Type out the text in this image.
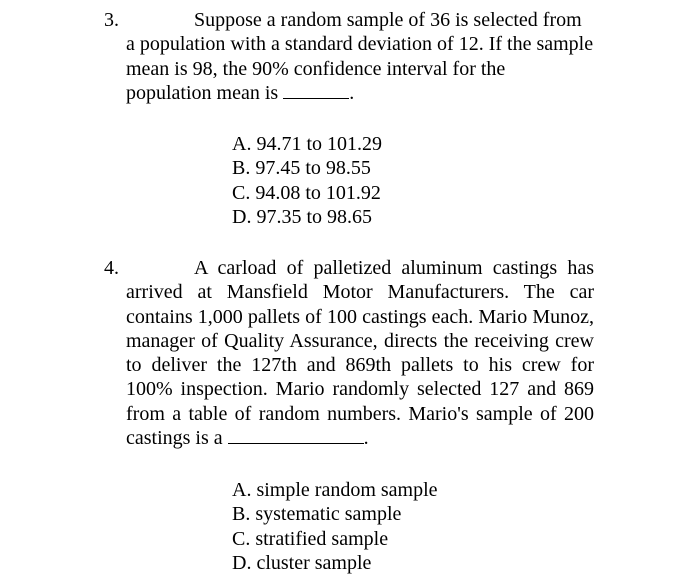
3.	Suppose a random sample of 36 is selected from a population with a standard deviation of 12. If the sample mean is 98, the 90% confidence interval for the population mean is	.
A. 94.71 to 101.29
B. 97.45 to 98.55
C. 94.08 to 101.92
D. 97.35 to 98.65
4.	A carload of palletized aluminum castings has arrived at Mansfield Motor Manufacturers. The car contains 1,000 pallets of 100 castings each. Mario Munoz, manager of Quality Assurance, directs the receiving crew to deliver the 127th and 869th pallets to his crew for 100% inspection. Mario randomly selected 127 and 869 from a table of random numbers. Mario's sample of 200 castings is a	.
A. simple random sample
B. systematic sample
C. stratified sample
D. cluster sample
